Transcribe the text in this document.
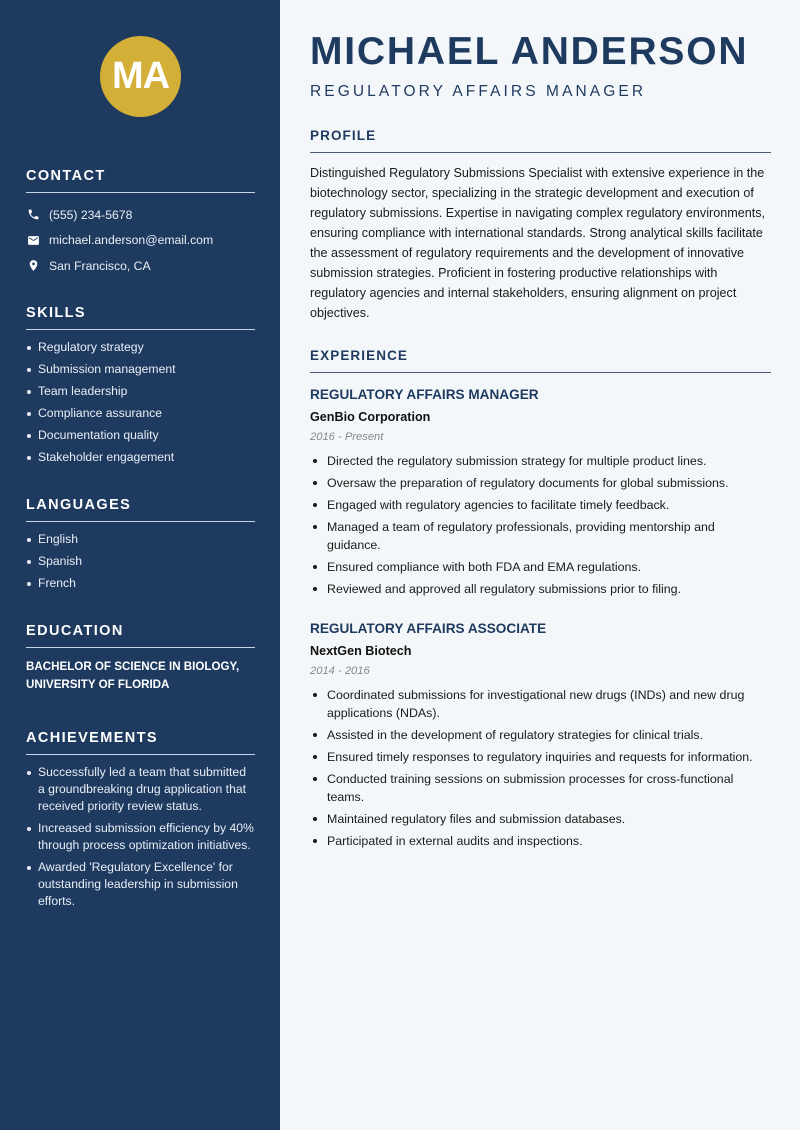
MA
CONTACT
(555) 234-5678
michael.anderson@email.com
San Francisco, CA
SKILLS
Regulatory strategy
Submission management
Team leadership
Compliance assurance
Documentation quality
Stakeholder engagement
LANGUAGES
English
Spanish
French
EDUCATION

BACHELOR OF SCIENCE IN BIOLOGY, UNIVERSITY OF FLORIDA

ACHIEVEMENTS
Successfully led a team that submitted a groundbreaking drug application that received priority review status.
Increased submission efficiency by 40% through process optimization initiatives.
Awarded 'Regulatory Excellence' for outstanding leadership in submission efforts.
MICHAEL ANDERSON
REGULATORY AFFAIRS MANAGER
PROFILE

Distinguished Regulatory Submissions Specialist with extensive experience in the biotechnology sector, specializing in the strategic development and execution of regulatory submissions. Expertise in navigating complex regulatory environments, ensuring compliance with international standards. Strong analytical skills facilitate the assessment of regulatory requirements and the development of innovative submission strategies. Proficient in fostering productive relationships with regulatory agencies and internal stakeholders, ensuring alignment on project objectives.

EXPERIENCE
REGULATORY AFFAIRS MANAGER
GenBio Corporation
2016 - Present
Directed the regulatory submission strategy for multiple product lines.
Oversaw the preparation of regulatory documents for global submissions.
Engaged with regulatory agencies to facilitate timely feedback.
Managed a team of regulatory professionals, providing mentorship and guidance.
Ensured compliance with both FDA and EMA regulations.
Reviewed and approved all regulatory submissions prior to filing.
REGULATORY AFFAIRS ASSOCIATE
NextGen Biotech
2014 - 2016
Coordinated submissions for investigational new drugs (INDs) and new drug applications (NDAs).
Assisted in the development of regulatory strategies for clinical trials.
Ensured timely responses to regulatory inquiries and requests for information.
Conducted training sessions on submission processes for cross-functional teams.
Maintained regulatory files and submission databases.
Participated in external audits and inspections.
